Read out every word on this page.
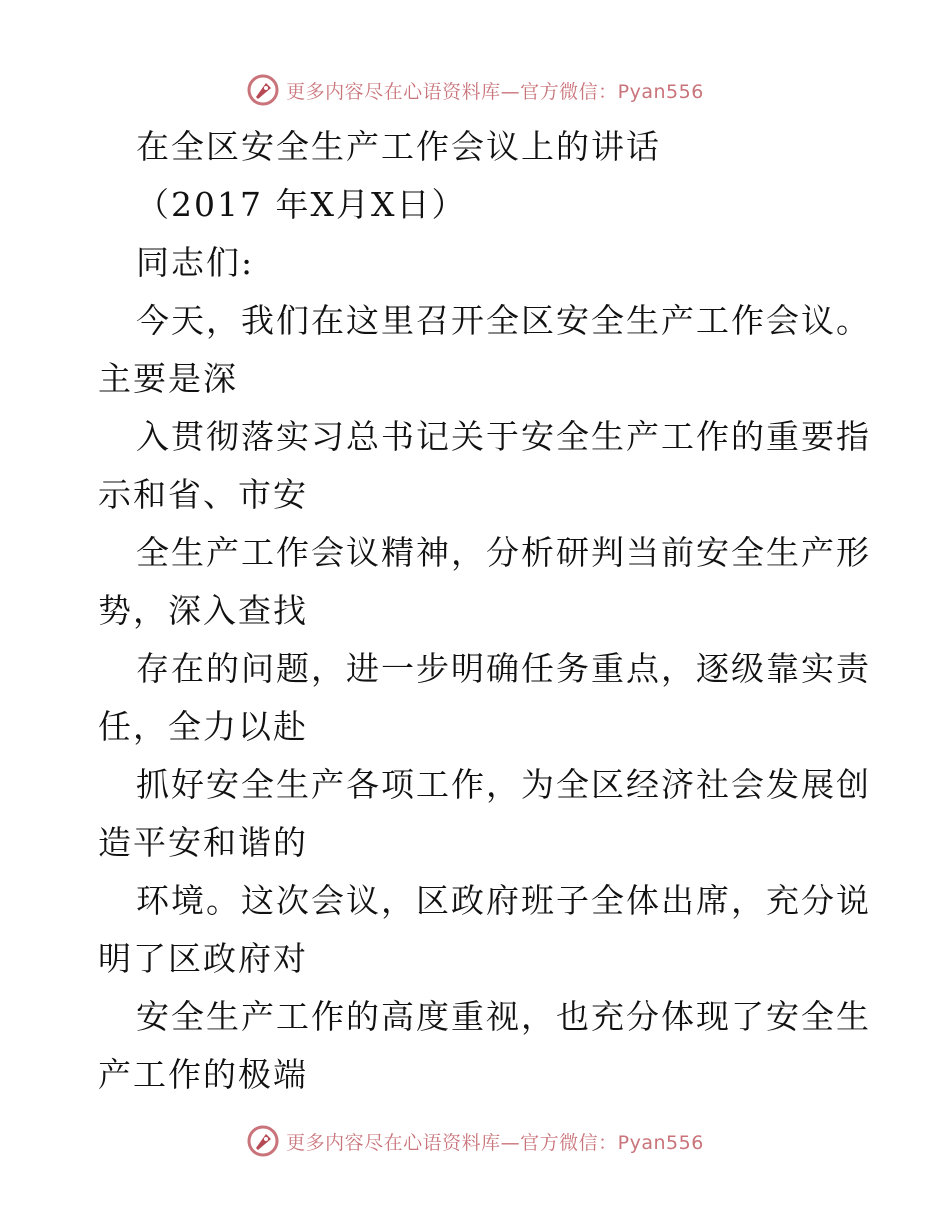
更多内容尽在心语资料库—官方微信：Pyan556
在全区安全生产工作会议上的讲话
（2017 年X月X日）
同志们:
今天，我们在这里召开全区安全生产工作会议。
主要是深
入贯彻落实习总书记关于安全生产工作的重要指
示和省、市安
全生产工作会议精神，分析研判当前安全生产形
势，深入查找
存在的问题，进一步明确任务重点，逐级靠实责
任，全力以赴
抓好安全生产各项工作，为全区经济社会发展创
造平安和谐的
环境。这次会议，区政府班子全体出席，充分说
明了区政府对
安全生产工作的高度重视，也充分体现了安全生
产工作的极端
更多内容尽在心语资料库—官方微信：Pyan556
